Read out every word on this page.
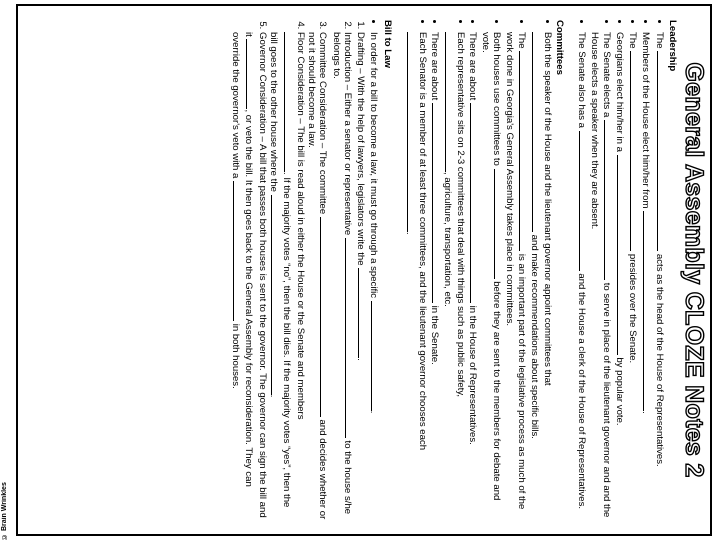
© Brain Wrinkles
General Assembly CLOZE Notes 2
Leadership
• The  acts as the head of the House of Representatives.
• Members of the House elect him/her from .
• The  presides over the Senate.
• Georgians elect him/her in a  by popular vote.
• The Senate elects a  to serve in place of the lieutenant governor and and the House elects a speaker when they are absent.
• The Senate also has a  and the House a clerk of the House of Representatives.
Committees
• Both the speaker of the House and the lieutenant governor appoint committees that  and make recommendations about specific bills.
• The  is an important part of the legislative process as much of the work done in Georgia's General Assembly takes place in committees.
• Both houses use committees to  before they are sent to the members for debate and vote.
• There are about  in the House of Representatives.
• Each representative sits on 2-3 committees that deal with things such as public safety, , agriculture, transportation, etc.
• There are about  in the Senate.
• Each Senator is a member of at least three committees, and the lieutenant governor chooses each .
Bill to Law
• In order for a bill to become a law, it must go through a specific .
1. Drafting – With the help of lawyers, legislators write the .
2. Introduction – Either a senator or representative  to the house s/he belongs to.
3. Committee Consideration – The committee  and decides whether or not it should become a law.
4. Floor Consideration – The bill is read aloud in either the House or the Senate and members . If the majority votes “no”, then the bill dies. If the majority votes “yes”, then the bill goes to the other house where the .
5. Governor Consideration – A bill that passes both houses is sent to the governor. The governor can sign the bill and it , or veto the bill. It then goes back to the General Assembly for reconsideration. They can override the governor's veto with a  in both houses.
